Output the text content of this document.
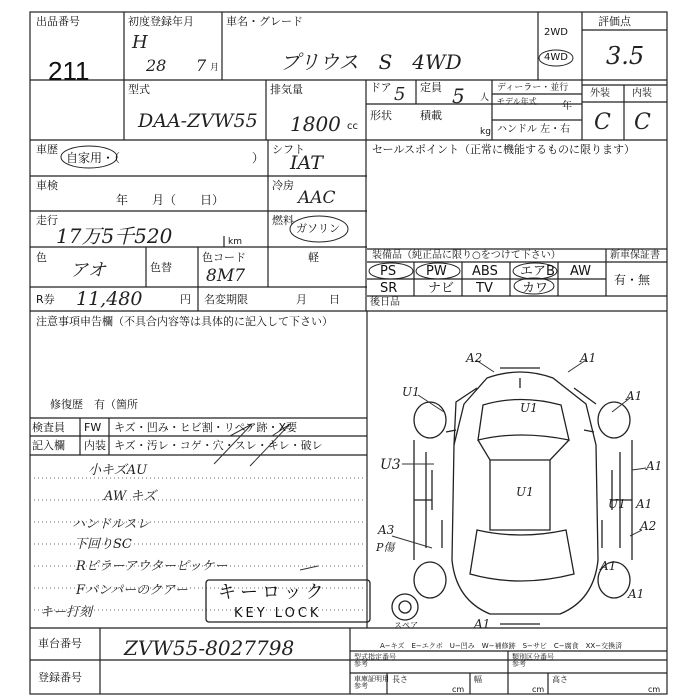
出品番号
211
初度登録年月
H
28 7 月
車名・グレード
プリウス　S　4WD
2WD
4WD
評価点
3.5
型式
DAA-ZVW55
排気量
1800 cc
ドア 5 定員 5 人
ディーラー・並行
モデル年式	年
ハンドル 左・右
外装 内装
C C
形状	積載
kg
車歴
自家用・（	）
シフト
IAT
車検
年　　月（　　日）
冷房
AAC
走行
17万5千520	km
燃料
ガソリン
色
アオ	色替
色コード
8M7
軽
R券 11,480	円 名変期限	月　　日
セールスポイント（正常に機能するものに限ります）
装備品（純正品に限り○をつけて下さい）	新車保証書
有・無
PS PW ABS エアB AW
SR ナビ TV カワ
後日品
注意事項申告欄（不具合内容等は具体的に記入して下さい）
修復歴　有（箇所
検査員
記入欄
FW
内装
キズ・凹み・ヒビ割・リペア跡・X要
キズ・汚レ・コゲ・穴・スレ・キレ・破レ
小キズAU
AW キズ
ハンドルスレ
下回りSC
Rピラーアウターピッケー
Fバンパーのクアー
キー打刻
キーロック
KEY LOCK
A2	A1
U1	A1
U1
U1
A1
U3
U1 A1
A3
P傷
A2
A1
A1
A1
スペア
A−キズ　E−エクボ　U−凹み　W−補修跡　S−サビ　C−腐食　XX−交換済
車台番号 ZVW55-8027798
登録番号
型式指定番号
参考
類別区分番号
参考
車庫証明用
参考
長さ	幅	高さ
cm	cm	cm
